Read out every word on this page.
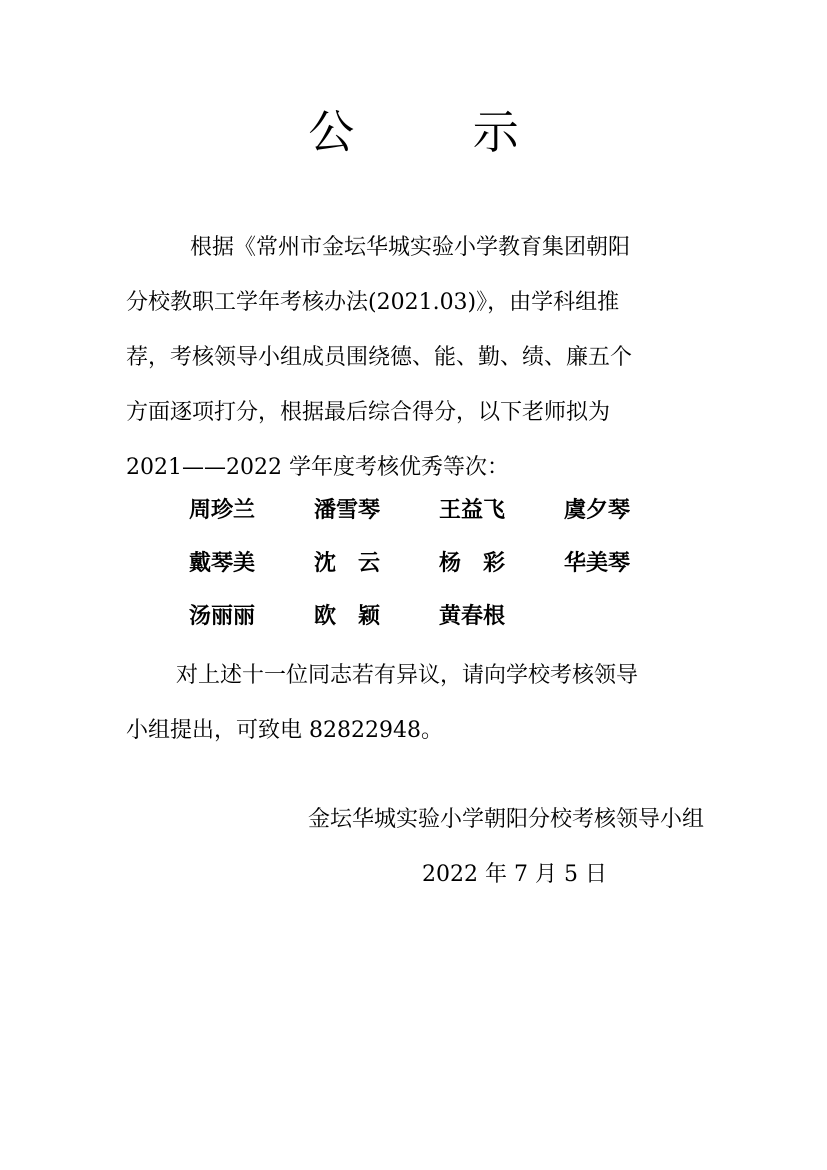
公 示

根据《常州市金坛华城实验小学教育集团朝阳
分校教职工学年考核办法(2021.03)》，由学科组推
荐，考核领导小组成员围绕德、能、勤、绩、廉五个
方面逐项打分，根据最后综合得分，以下老师拟为
2021——2022 学年度考核优秀等次：

周珍兰	潘雪琴	王益飞	虞夕琴
戴琴美	沈　云	杨　彩	华美琴
汤丽丽	欧　颖	黄春根

对上述十一位同志若有异议，请向学校考核领导
小组提出，可致电 82822948。

金坛华城实验小学朝阳分校考核领导小组
2022 年 7 月 5 日
